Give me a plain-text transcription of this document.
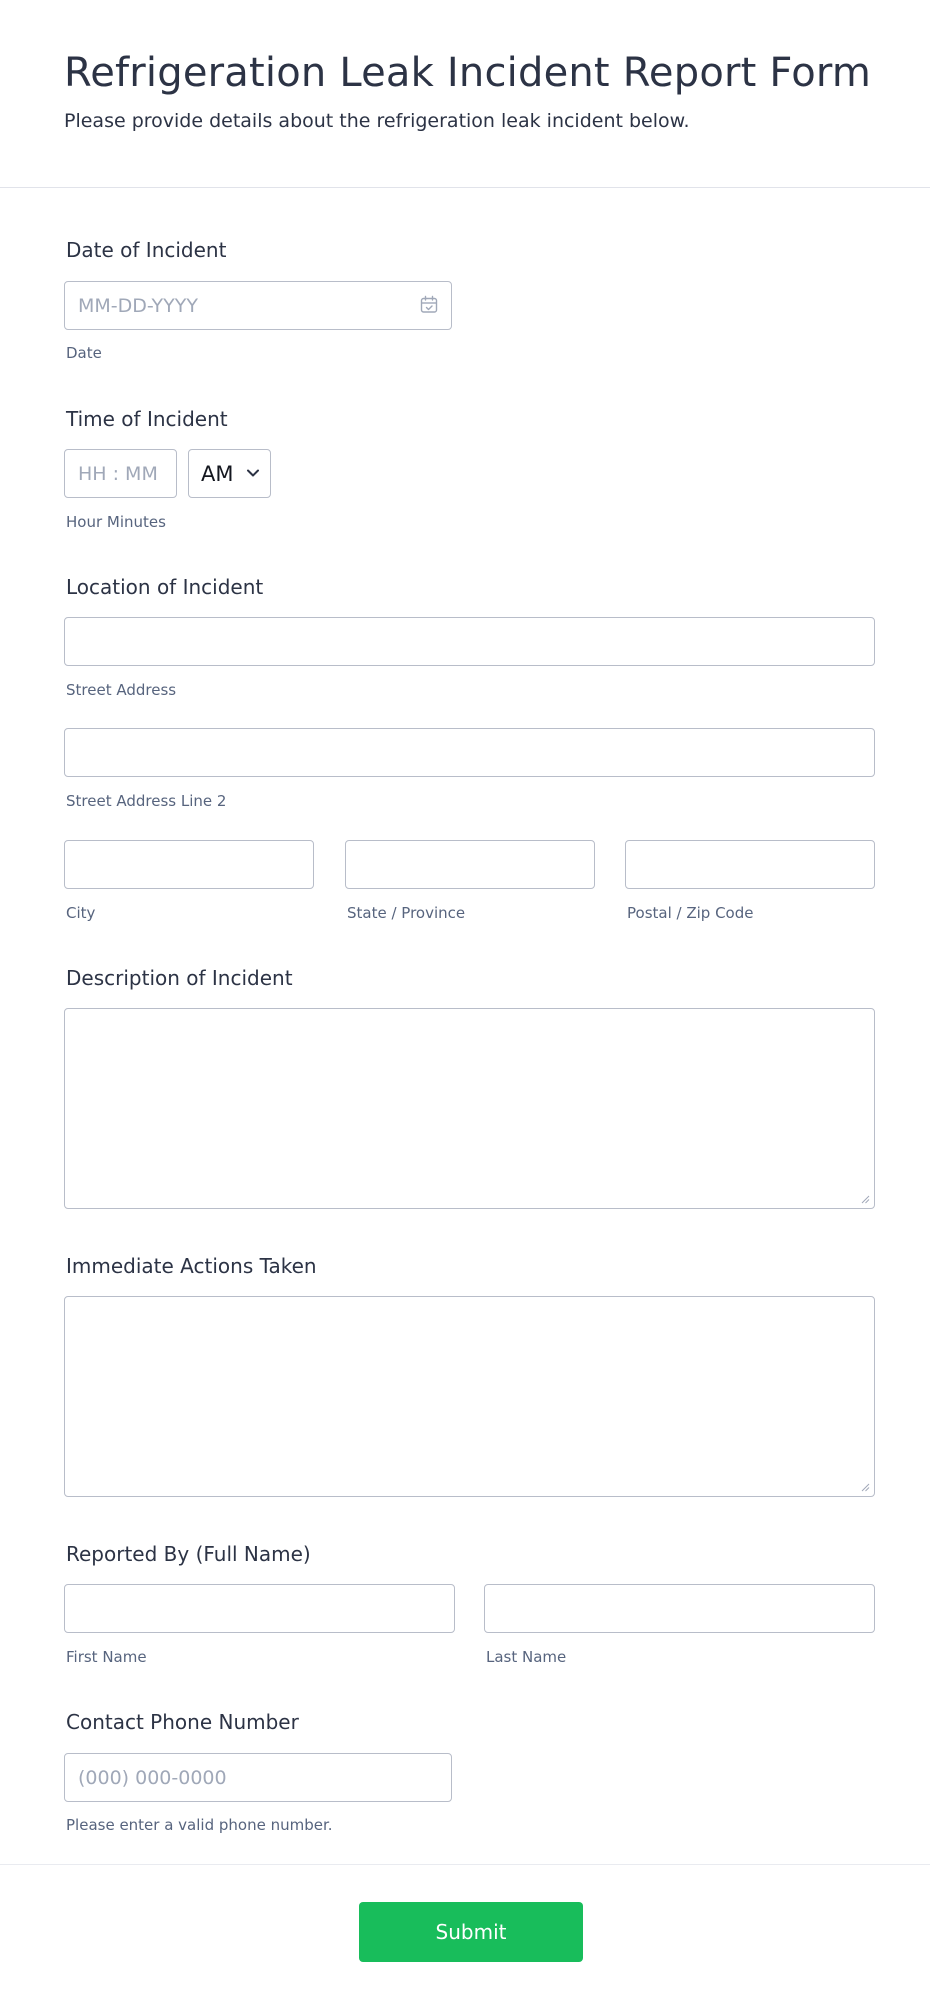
Refrigeration Leak Incident Report Form

Please provide details about the refrigeration leak incident below.

Date of Incident
MM-DD-YYYY
Date
Time of Incident
HH : MM
AM
Hour Minutes
Location of Incident
Street Address
Street Address Line 2
City	State / Province	Postal / Zip Code
Description of Incident
Immediate Actions Taken
Reported By (Full Name)
First Name	Last Name
Contact Phone Number
(000) 000-0000
Please enter a valid phone number.
Submit
